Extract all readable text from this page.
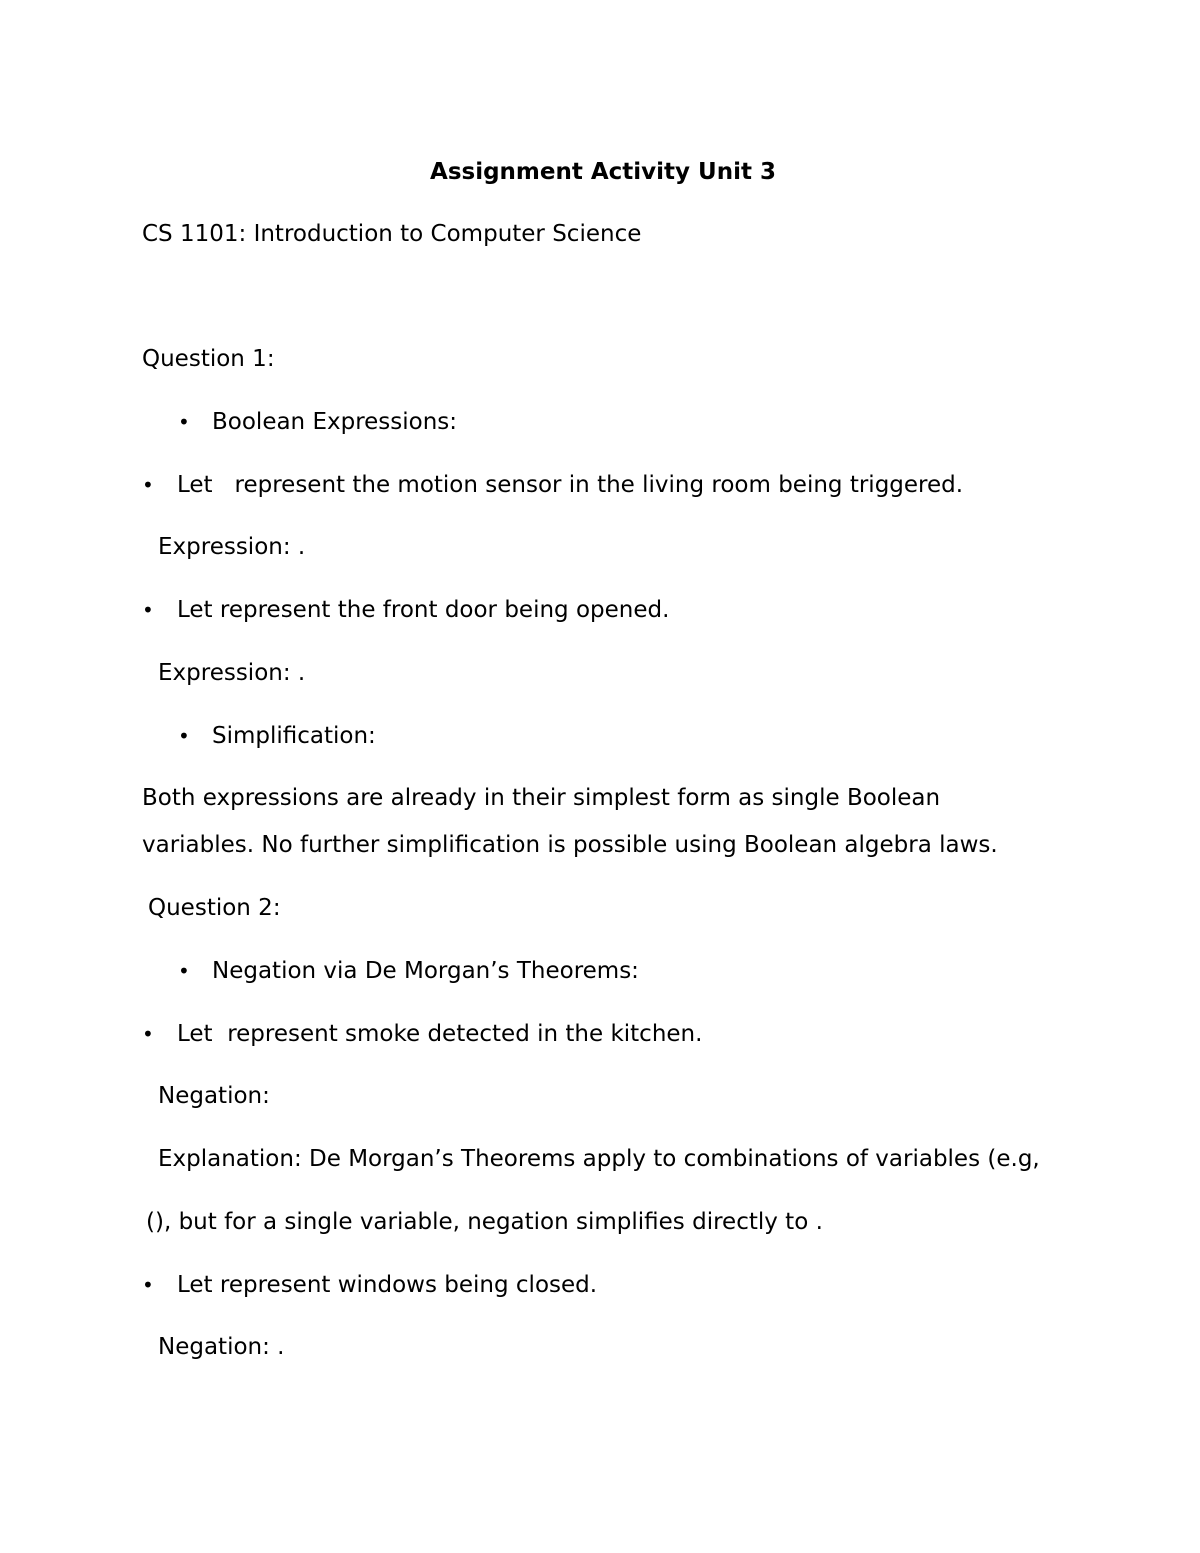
Assignment Activity Unit 3
CS 1101: Introduction to Computer Science
Question 1:
• Boolean Expressions:
• Let   represent the motion sensor in the living room being triggered.
Expression: .
• Let represent the front door being opened.
Expression: .
• Simplification:
Both expressions are already in their simplest form as single Boolean
variables. No further simplification is possible using Boolean algebra laws.
Question 2:
• Negation via De Morgan’s Theorems:
• Let  represent smoke detected in the kitchen.
Negation:
Explanation: De Morgan’s Theorems apply to combinations of variables (e.g,
(), but for a single variable, negation simplifies directly to .
• Let represent windows being closed.
Negation: .
